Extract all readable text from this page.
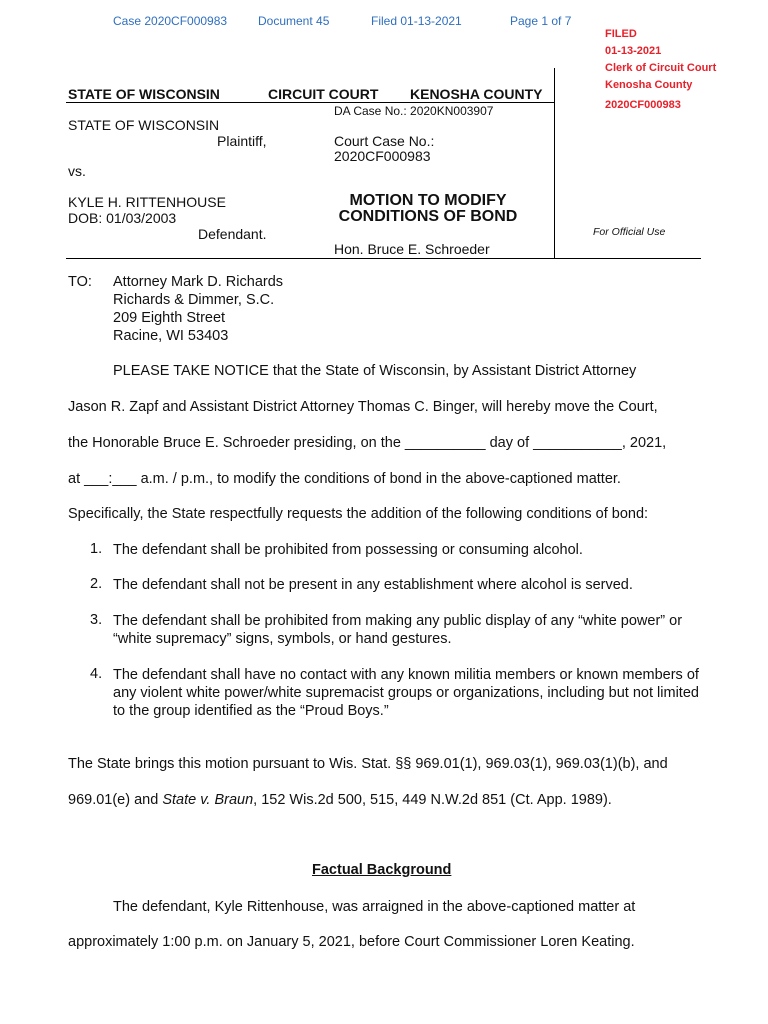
Case 2020CF000983	Document 45	Filed 01-13-2021	Page 1 of 7
FILED
01-13-2021
Clerk of Circuit Court
Kenosha County
2020CF000983
STATE OF WISCONSIN	CIRCUIT COURT KENOSHA COUNTY
DA Case No.: 2020KN003907
STATE OF WISCONSIN
Plaintiff,
vs.
KYLE H. RITTENHOUSE
DOB: 01/03/2003
Defendant.
Court Case No.:
2020CF000983
MOTION TO MODIFY
CONDITIONS OF BOND
Hon. Bruce E. Schroeder
For Official Use
TO: Attorney Mark D. Richards
Richards & Dimmer, S.C.
209 Eighth Street
Racine, WI 53403
PLEASE TAKE NOTICE that the State of Wisconsin, by Assistant District Attorney
Jason R. Zapf and Assistant District Attorney Thomas C. Binger, will hereby move the Court,
the Honorable Bruce E. Schroeder presiding, on the __________ day of ___________, 2021,
at ___:___ a.m. / p.m., to modify the conditions of bond in the above-captioned matter.
Specifically, the State respectfully requests the addition of the following conditions of bond:
1. The defendant shall be prohibited from possessing or consuming alcohol.
2. The defendant shall not be present in any establishment where alcohol is served.
3. The defendant shall be prohibited from making any public display of any “white power” or “white supremacy” signs, symbols, or hand gestures.
4. The defendant shall have no contact with any known militia members or known members of any violent white power/white supremacist groups or organizations, including but not limited to the group identified as the “Proud Boys.”
The State brings this motion pursuant to Wis. Stat. §§ 969.01(1), 969.03(1), 969.03(1)(b), and
969.01(e) and State v. Braun, 152 Wis.2d 500, 515, 449 N.W.2d 851 (Ct. App. 1989).
Factual Background
The defendant, Kyle Rittenhouse, was arraigned in the above-captioned matter at
approximately 1:00 p.m. on January 5, 2021, before Court Commissioner Loren Keating.
